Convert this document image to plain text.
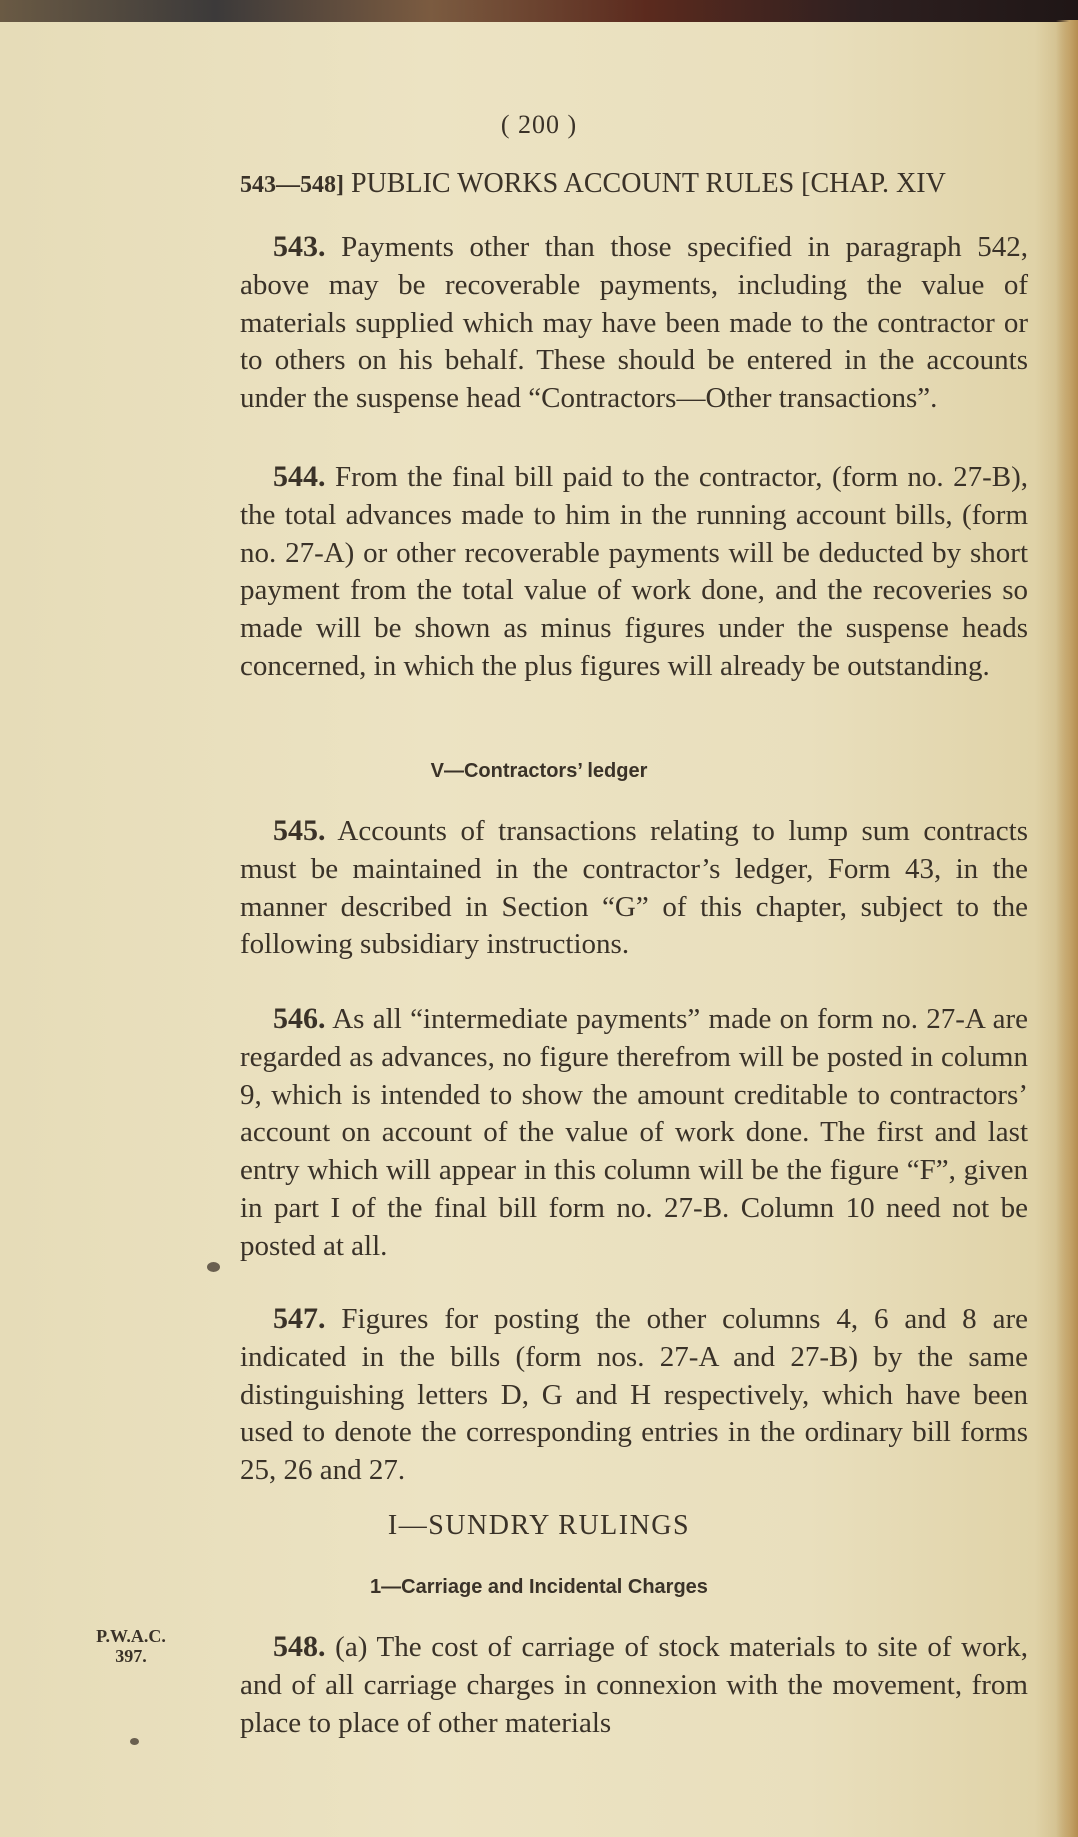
( 200 )
543—548] PUBLIC WORKS ACCOUNT RULES [CHAP. XIV
543. Payments other than those specified in paragraph 542, above may be recoverable payments, including the value of materials supplied which may have been made to the contractor or to others on his behalf. These should be entered in the accounts under the suspense head “Contractors—Other transactions”.
544. From the final bill paid to the contractor, (form no. 27-B), the total advances made to him in the running account bills, (form no. 27-A) or other recoverable payments will be deducted by short payment from the total value of work done, and the recoveries so made will be shown as minus figures under the suspense heads concerned, in which the plus figures will already be outstanding.
V—Contractors’ ledger
545. Accounts of transactions relating to lump sum contracts must be maintained in the contractor’s ledger, Form 43, in the manner described in Section “G” of this chapter, subject to the following subsidiary instructions.
546. As all “intermediate payments” made on form no. 27-A are regarded as advances, no figure therefrom will be posted in column 9, which is intended to show the amount creditable to contractors’ account on account of the value of work done. The first and last entry which will appear in this column will be the figure “F”, given in part I of the final bill form no. 27-B. Column 10 need not be posted at all.
547. Figures for posting the other columns 4, 6 and 8 are indicated in the bills (form nos. 27-A and 27-B) by the same distinguishing letters D, G and H respectively, which have been used to denote the corresponding entries in the ordinary bill forms 25, 26 and 27.
I—SUNDRY RULINGS
1—Carriage and Incidental Charges
P.W.A.C.
397.	548. (a) The cost of carriage of stock materials to site of work, and of all carriage charges in connexion with the movement, from place to place of other materials
